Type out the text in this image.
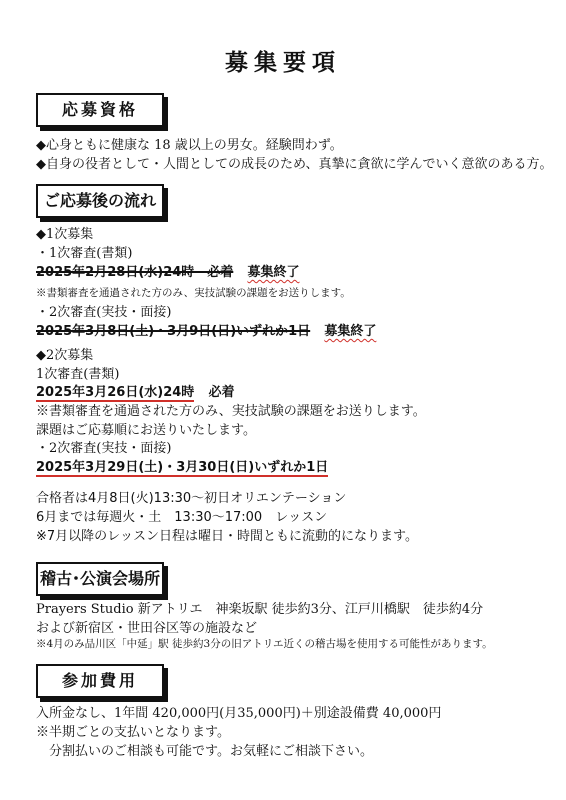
募集要項
応募資格
◆心身ともに健康な 18 歳以上の男女。経験問わず。
◆自身の役者として・人間としての成長のため、真摯に貪欲に学んでいく意欲のある方。
ご応募後の流れ
◆1次募集
・1次審査(書類)
2025年2月28日(水)24時　必着 募集終了
※書類審査を通過された方のみ、実技試験の課題をお送りします。
・2次審査(実技・面接)
2025年3月8日(土)・3月9日(日)いずれか1日 募集終了
◆2次募集
1次審査(書類)
2025年3月26日(水)24時 必着
※書類審査を通過された方のみ、実技試験の課題をお送りします。
課題はご応募順にお送りいたします。
・2次審査(実技・面接)
2025年3月29日(土)・3月30日(日)いずれか1日
合格者は4月8日(火)13:30～初日オリエンテーション
6月までは毎週火・土　13:30～17:00　レッスン
※7月以降のレッスン日程は曜日・時間ともに流動的になります。
稽古･公演会場所
Prayers Studio 新アトリエ　神楽坂駅 徒歩約3分、江戸川橋駅　徒歩約4分
および新宿区・世田谷区等の施設など
※4月のみ品川区「中延」駅 徒歩約3分の旧アトリエ近くの稽古場を使用する可能性があります。
参加費用
入所金なし、1年間 420,000円(月35,000円)＋別途設備費 40,000円
※半期ごとの支払いとなります。
　分割払いのご相談も可能です。お気軽にご相談下さい。
